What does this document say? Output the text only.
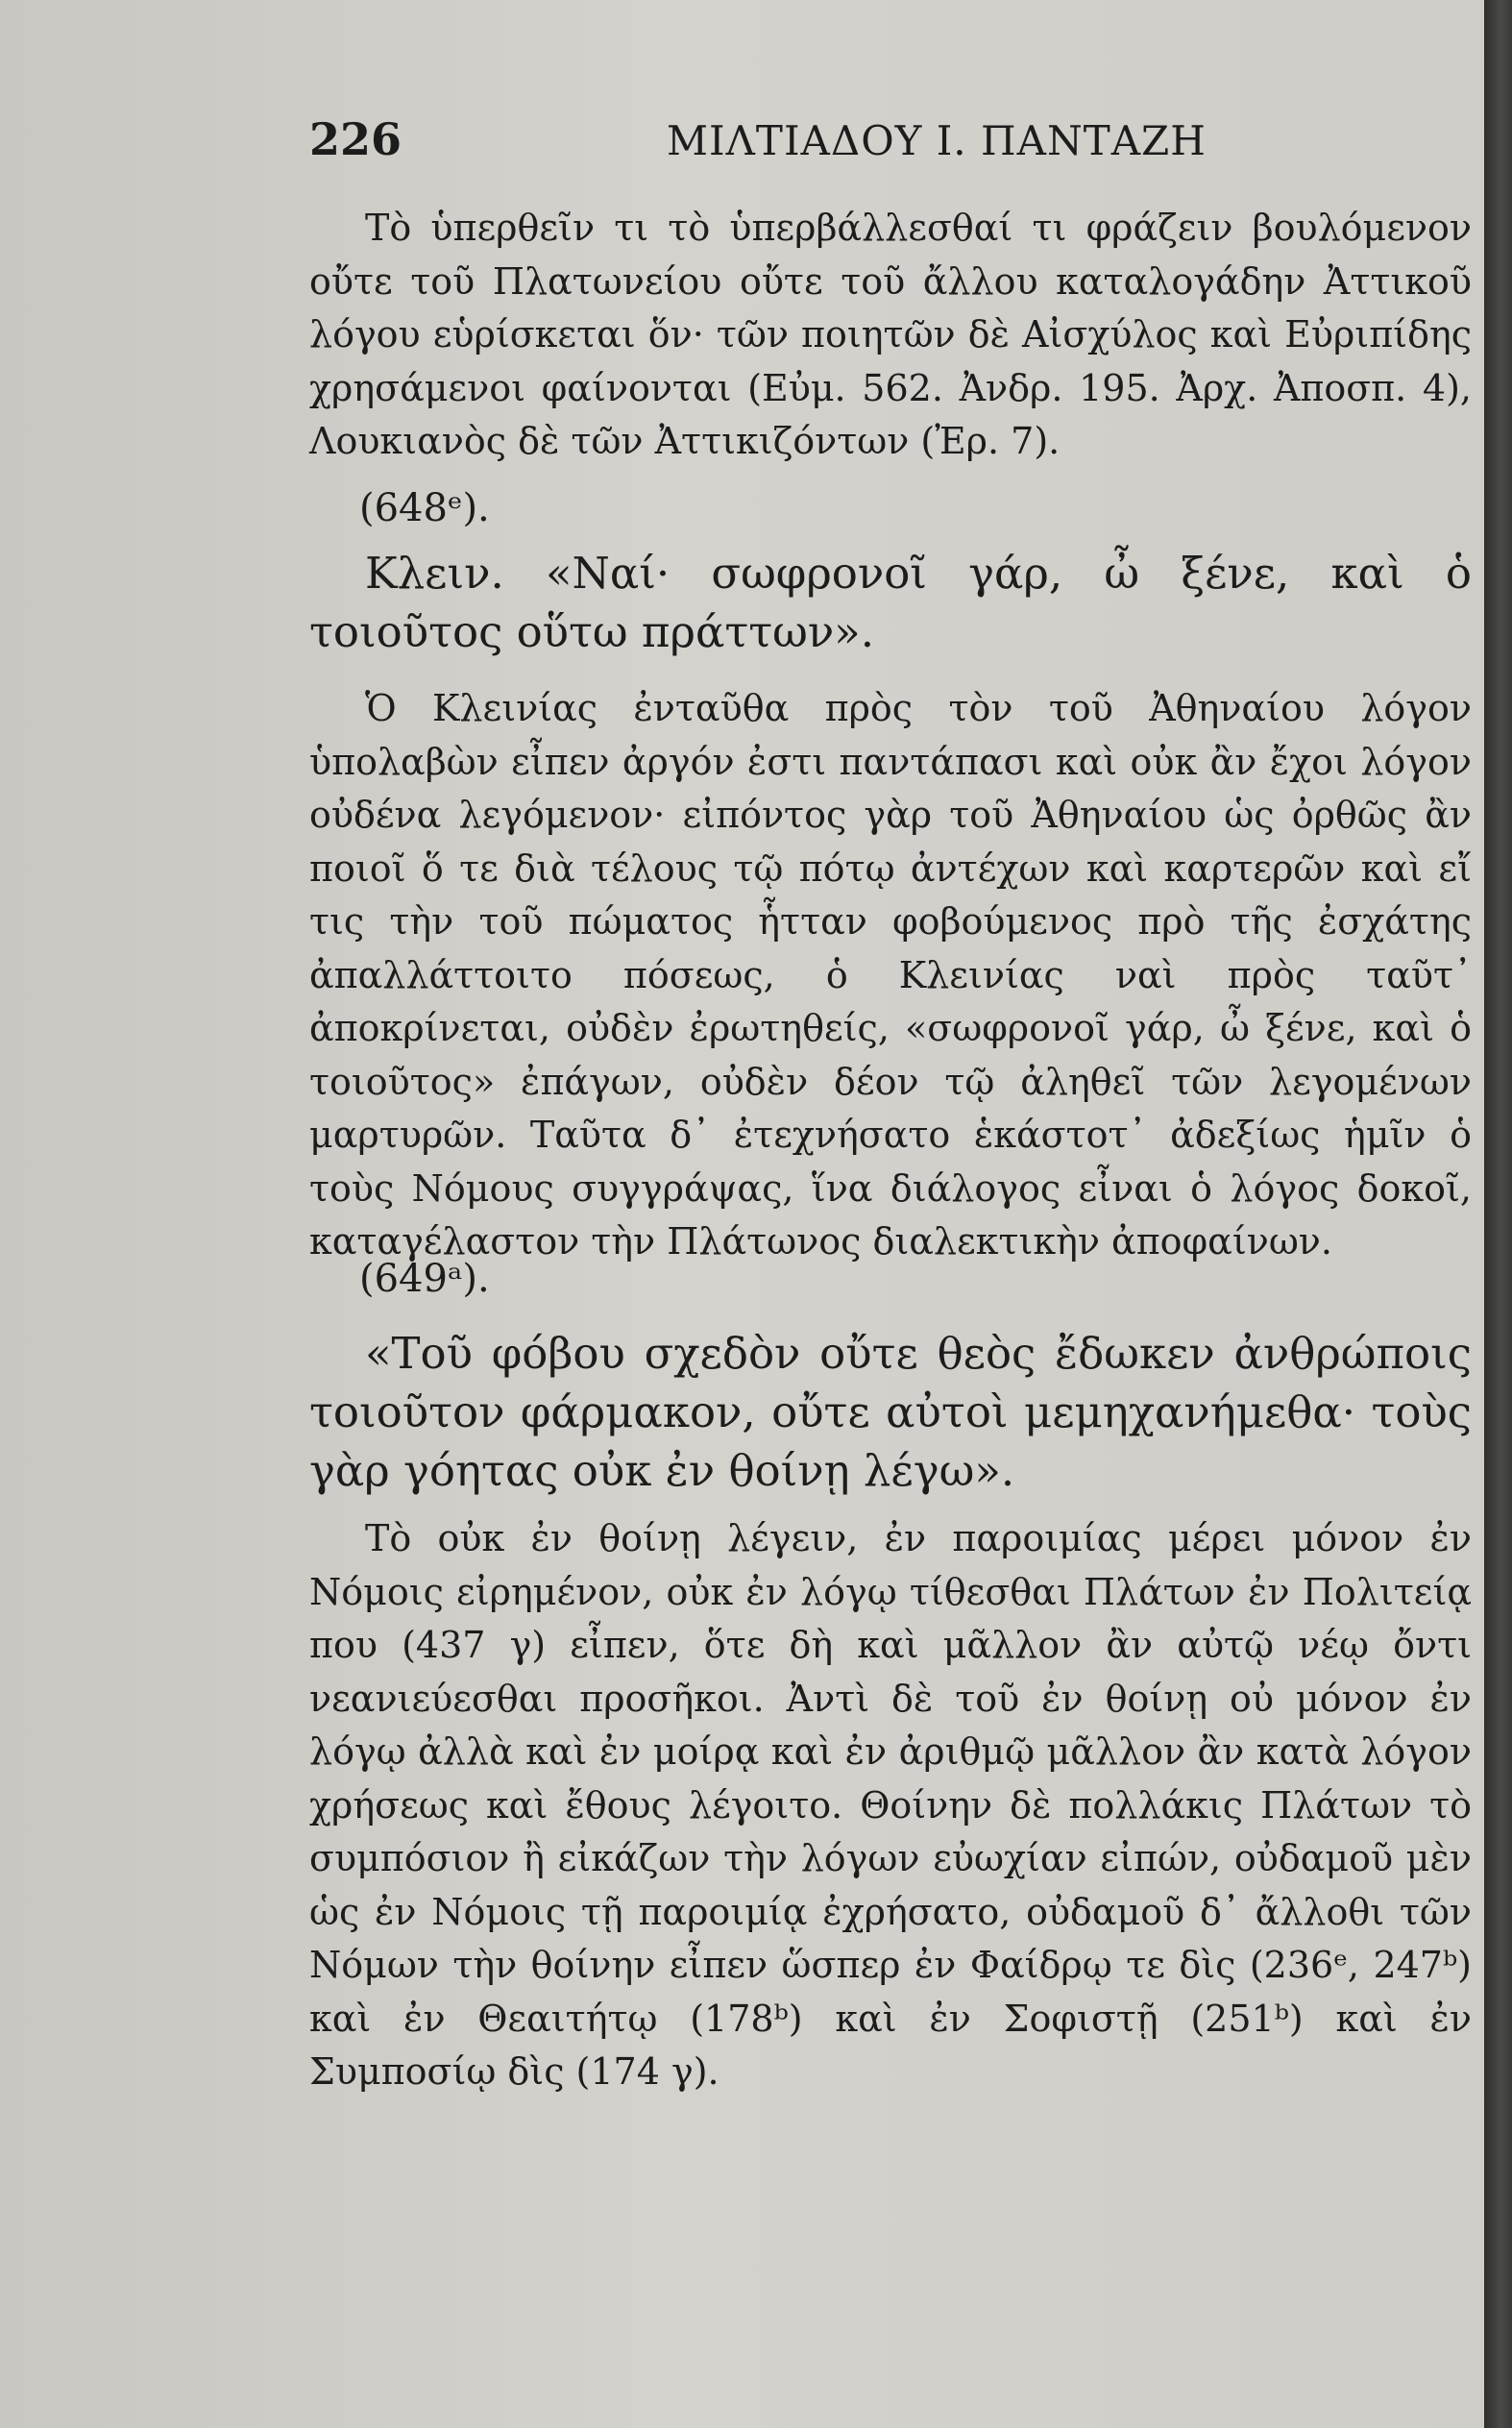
226	ΜΙΛΤΙΑΔΟΥ Ι. ΠΑΝΤΑΖΗ

Τὸ ὑπερθεῖν τι τὸ ὑπερβάλλεσθαί τι φράζειν βουλόμενον οὔτε τοῦ Πλατωνείου οὔτε τοῦ ἄλλου καταλογάδην Ἀττικοῦ λόγου εὑρίσκεται ὅν· τῶν ποιητῶν δὲ Αἰσχύλος καὶ Εὐριπίδης χρησάμενοι φαίνονται (Εὐμ. 562. Ἀνδρ. 195. Ἀρχ. Ἀποσπ. 4), Λουκιανὸς δὲ τῶν Ἀττικιζόντων (Ἐρ. 7).

(648ᵉ).

Κλειν. «Ναί· σωφρονοῖ γάρ, ὦ ξένε, καὶ ὁ τοιοῦτος οὕτω πράττων».

Ὁ Κλεινίας ἐνταῦθα πρὸς τὸν τοῦ Ἀθηναίου λόγον ὑπολαβὼν εἶπεν ἀργόν ἐστι παντάπασι καὶ οὐκ ἂν ἔχοι λόγον οὐδένα λεγόμενον· εἰπόντος γὰρ τοῦ Ἀθηναίου ὡς ὀρθῶς ἂν ποιοῖ ὅ τε διὰ τέλους τῷ πότῳ ἀντέχων καὶ καρτερῶν καὶ εἴ τις τὴν τοῦ πώματος ἧτταν φοβούμενος πρὸ τῆς ἐσχάτης ἀπαλλάττοιτο πόσεως, ὁ Κλεινίας ναὶ πρὸς ταῦτ᾽ ἀποκρίνεται, οὐδὲν ἐρωτηθείς, «σωφρονοῖ γάρ, ὦ ξένε, καὶ ὁ τοιοῦτος» ἐπάγων, οὐδὲν δέον τῷ ἀληθεῖ τῶν λεγομένων μαρτυρῶν. Ταῦτα δ᾽ ἐτεχνήσατο ἑκάστοτ᾽ ἀδεξίως ἡμῖν ὁ τοὺς Νόμους συγγράψας, ἵνα διάλογος εἶναι ὁ λόγος δοκοῖ, καταγέλαστον τὴν Πλάτωνος διαλεκτικὴν ἀποφαίνων.

(649ᵃ).

«Τοῦ φόβου σχεδὸν οὔτε θεὸς ἔδωκεν ἀνθρώποις τοιοῦτον φάρμακον, οὔτε αὐτοὶ μεμηχανήμεθα· τοὺς γὰρ γόητας οὐκ ἐν θοίνῃ λέγω».

Τὸ οὐκ ἐν θοίνῃ λέγειν, ἐν παροιμίας μέρει μόνον ἐν Νόμοις εἰρημένον, οὐκ ἐν λόγῳ τίθεσθαι Πλάτων ἐν Πολιτείᾳ που (437 γ) εἶπεν, ὅτε δὴ καὶ μᾶλλον ἂν αὐτῷ νέῳ ὄντι νεανιεύεσθαι προσῆκοι. Ἀντὶ δὲ τοῦ ἐν θοίνῃ οὐ μόνον ἐν λόγῳ ἀλλὰ καὶ ἐν μοίρᾳ καὶ ἐν ἀριθμῷ μᾶλλον ἂν κατὰ λόγον χρήσεως καὶ ἔθους λέγοιτο. Θοίνην δὲ πολλάκις Πλάτων τὸ συμπόσιον ἢ εἰκάζων τὴν λόγων εὐωχίαν εἰπών, οὐδαμοῦ μὲν ὡς ἐν Νόμοις τῇ παροιμίᾳ ἐχρήσατο, οὐδαμοῦ δ᾽ ἄλλοθι τῶν Νόμων τὴν θοίνην εἶπεν ὥσπερ ἐν Φαίδρῳ τε δὶς (236ᵉ, 247ᵇ) καὶ ἐν Θεαιτήτῳ (178ᵇ) καὶ ἐν Σοφιστῇ (251ᵇ) καὶ ἐν Συμποσίῳ δὶς (174 γ).
